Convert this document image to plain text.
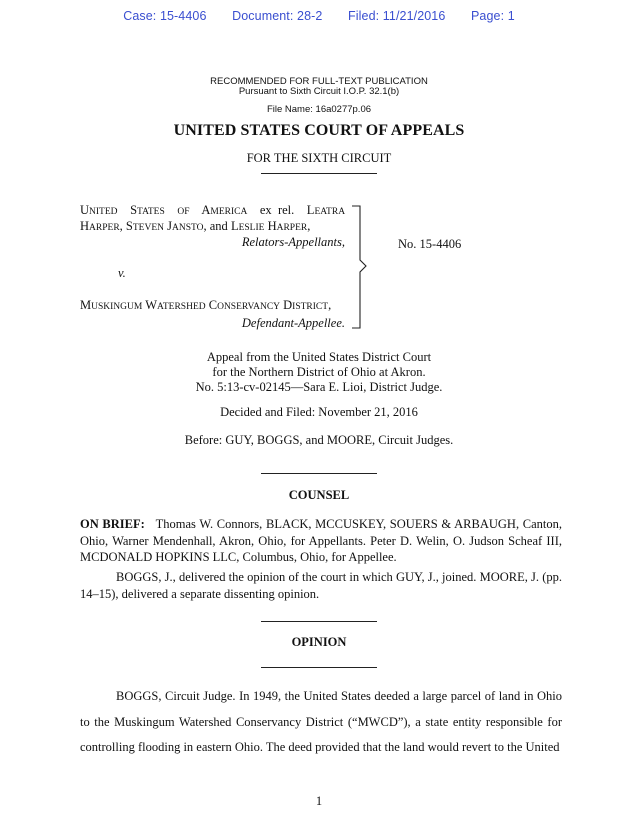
Case: 15-4406 Document: 28-2 Filed: 11/21/2016 Page: 1
RECOMMENDED FOR FULL-TEXT PUBLICATION
Pursuant to Sixth Circuit I.O.P. 32.1(b)
File Name: 16a0277p.06
UNITED STATES COURT OF APPEALS
FOR THE SIXTH CIRCUIT
UNITED STATES OF AMERICA ex rel. LEATRA
HARPER, STEVEN JANSTO, and LESLIE HARPER,
Relators-Appellants,
v.
MUSKINGUM WATERSHED CONSERVANCY DISTRICT,
Defendant-Appellee.
No. 15-4406
Appeal from the United States District Court
for the Northern District of Ohio at Akron.
No. 5:13-cv-02145—Sara E. Lioi, District Judge.
Decided and Filed: November 21, 2016
Before: GUY, BOGGS, and MOORE, Circuit Judges.
COUNSEL
ON BRIEF: Thomas W. Connors, BLACK, MCCUSKEY, SOUERS & ARBAUGH, Canton, Ohio, Warner Mendenhall, Akron, Ohio, for Appellants. Peter D. Welin, O. Judson Scheaf III, MCDONALD HOPKINS LLC, Columbus, Ohio, for Appellee.
BOGGS, J., delivered the opinion of the court in which GUY, J., joined. MOORE, J. (pp. 14–15), delivered a separate dissenting opinion.
OPINION
BOGGS, Circuit Judge. In 1949, the United States deeded a large parcel of land in Ohio to the Muskingum Watershed Conservancy District (“MWCD”), a state entity responsible for controlling flooding in eastern Ohio. The deed provided that the land would revert to the United
1
